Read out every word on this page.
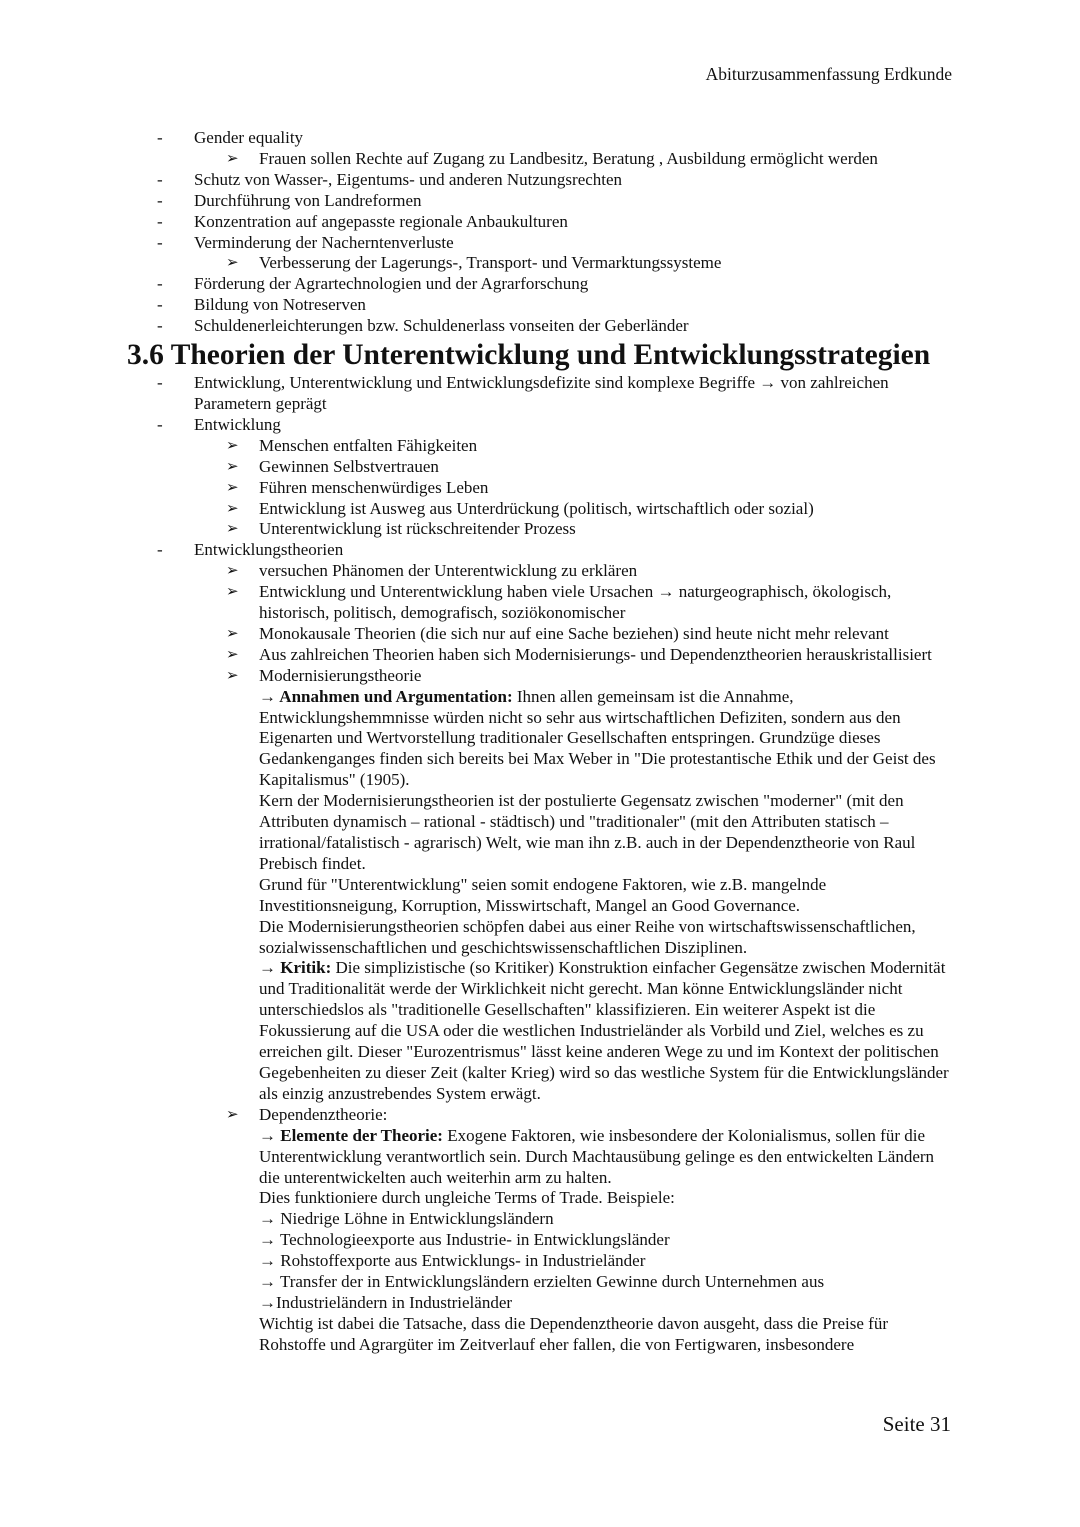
Abiturzusammenfassung Erdkunde
- Gender equality
➢ Frauen sollen Rechte auf Zugang zu Landbesitz, Beratung , Ausbildung ermöglicht werden
- Schutz von Wasser-, Eigentums- und anderen Nutzungsrechten
- Durchführung von Landreformen
- Konzentration auf angepasste regionale Anbaukulturen
- Verminderung der Nacherntenverluste
➢ Verbesserung der Lagerungs-, Transport- und Vermarktungssysteme
- Förderung der Agrartechnologien und der Agrarforschung
- Bildung von Notreserven
- Schuldenerleichterungen bzw. Schuldenerlass vonseiten der Geberländer
3.6 Theorien der Unterentwicklung und Entwicklungsstrategien
- Entwicklung, Unterentwicklung und Entwicklungsdefizite sind komplexe Begriffe → von zahlreichen Parametern geprägt
- Entwicklung
➢ Menschen entfalten Fähigkeiten
➢ Gewinnen Selbstvertrauen
➢ Führen menschenwürdiges Leben
➢ Entwicklung ist Ausweg aus Unterdrückung (politisch, wirtschaftlich oder sozial)
➢ Unterentwicklung ist rückschreitender Prozess
- Entwicklungstheorien
➢ versuchen Phänomen der Unterentwicklung zu erklären
➢ Entwicklung und Unterentwicklung haben viele Ursachen → naturgeographisch, ökologisch, historisch, politisch, demografisch, soziökonomischer
➢ Monokausale Theorien (die sich nur auf eine Sache beziehen) sind heute nicht mehr relevant
➢ Aus zahlreichen Theorien haben sich Modernisierungs- und Dependenztheorien herauskristallisiert
➢ Modernisierungstheorie
→ Annahmen und Argumentation: Ihnen allen gemeinsam ist die Annahme, Entwicklungshemmnisse würden nicht so sehr aus wirtschaftlichen Defiziten, sondern aus den Eigenarten und Wertvorstellung traditionaler Gesellschaften entspringen. Grundzüge dieses Gedankenganges finden sich bereits bei Max Weber in "Die protestantische Ethik und der Geist des Kapitalismus" (1905).
Kern der Modernisierungstheorien ist der postulierte Gegensatz zwischen "moderner" (mit den Attributen dynamisch – rational - städtisch) und "traditionaler" (mit den Attributen statisch – irrational/fatalistisch - agrarisch) Welt, wie man ihn z.B. auch in der Dependenztheorie von Raul Prebisch findet.
Grund für "Unterentwicklung" seien somit endogene Faktoren, wie z.B. mangelnde Investitionsneigung, Korruption, Misswirtschaft, Mangel an Good Governance.
Die Modernisierungstheorien schöpfen dabei aus einer Reihe von wirtschaftswissenschaftlichen, sozialwissenschaftlichen und geschichtswissenschaftlichen Disziplinen.
→ Kritik: Die simplizistische (so Kritiker) Konstruktion einfacher Gegensätze zwischen Modernität und Traditionalität werde der Wirklichkeit nicht gerecht. Man könne Entwicklungsländer nicht unterschiedslos als "traditionelle Gesellschaften" klassifizieren. Ein weiterer Aspekt ist die Fokussierung auf die USA oder die westlichen Industrieländer als Vorbild und Ziel, welches es zu erreichen gilt. Dieser "Eurozentrismus" lässt keine anderen Wege zu und im Kontext der politischen Gegebenheiten zu dieser Zeit (kalter Krieg) wird so das westliche System für die Entwicklungsländer als einzig anzustrebendes System erwägt.
➢ Dependenztheorie:
→ Elemente der Theorie: Exogene Faktoren, wie insbesondere der Kolonialismus, sollen für die Unterentwicklung verantwortlich sein. Durch Machtausübung gelinge es den entwickelten Ländern die unterentwickelten auch weiterhin arm zu halten.
Dies funktioniere durch ungleiche Terms of Trade. Beispiele:
→ Niedrige Löhne in Entwicklungsländern
→ Technologieexporte aus Industrie- in Entwicklungsländer
→ Rohstoffexporte aus Entwicklungs- in Industrieländer
→ Transfer der in Entwicklungsländern erzielten Gewinne durch Unternehmen aus
→Industrieländern in Industrieländer
Wichtig ist dabei die Tatsache, dass die Dependenztheorie davon ausgeht, dass die Preise für Rohstoffe und Agrargüter im Zeitverlauf eher fallen, die von Fertigwaren, insbesondere
Seite 31
